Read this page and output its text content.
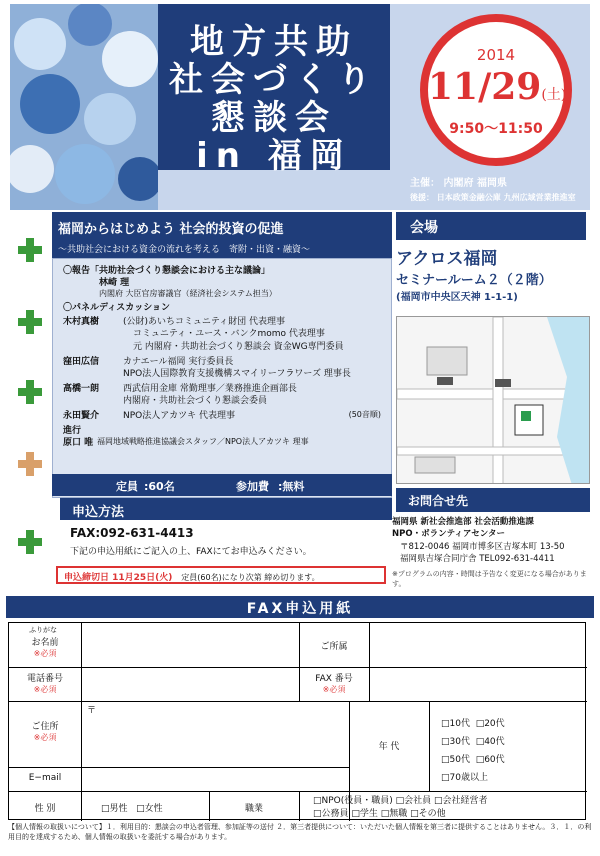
地方共助
社会づくり
懇談会
in 福岡
2014
11/29(土)
9:50〜11:50
主催： 内閣府 福岡県
後援： 日本政策金融公庫 九州広域営業推進室
福岡からはじめよう 社会的投資の促進
〜共助社会における資金の流れを考える　寄附・出資・融資〜

〇報告「共助社会づくり懇談会における主な議論」

林崎 理

内閣府 大臣官房審議官（経済社会システム担当）

〇パネルディスカッション

木村真樹	(公財)あいちコミュニティ財団 代表理事

コミュニティ・ユース・バンクmomo 代表理事

元 内閣府・共助社会づくり懇談会 資金WG専門委員

窪田広信	カナエール福岡 実行委員長

NPO法人国際教育支援機構スマイリーフラワーズ 理事長

高橋一朗	西武信用金庫 常勤理事／業務推進企画部長

内閣府・共助社会づくり懇談会委員

永田賢介	NPO法人アカツキ 代表理事	(50音順)

進行

原口 唯 福岡地域戦略推進協議会スタッフ／NPO法人アカツキ 理事
定員 :60名	参加費 :無料
申込方法
FAX:092-631-4413
下記の申込用紙にご記入の上、FAXにてお申込みください。
申込締切日 11月25日(火) 定員(60名)になり次第 締め切ります。
会場
アクロス福岡
セミナールーム２（２階）
(福岡市中央区天神 1-1-1)
お問合せ先

福岡県 新社会推進部 社会活動推進課

NPO・ボランティアセンター

〒812-0046 福岡市博多区吉塚本町 13-50

福岡県吉塚合同庁舎 TEL092-631-4411

※プログラムの内容・時間は予告なく変更になる場合があります。

FAX申込用紙
ふりがな
お名前
※必須
ご所属
電話番号
※必須
FAX 番号
※必須
ご住所
※必須
〒
E−mail
年 代
□10代 □20代
□30代 □40代
□50代 □60代
□70歳以上
性 別	□男性 □女性	職業
□NPO(役員・職員) □会社員 □会社経営者
□公務員 □学生 □無職 □その他
【個人情報の取扱いについて】１．利用目的：懇談会の申込者管理、参加証等の送付 ２．第三者提供について：いただいた個人情報を第三者に提供することはありません。３．１．の利用目的を達成するため、個人情報の取扱いを委託する場合があります。
